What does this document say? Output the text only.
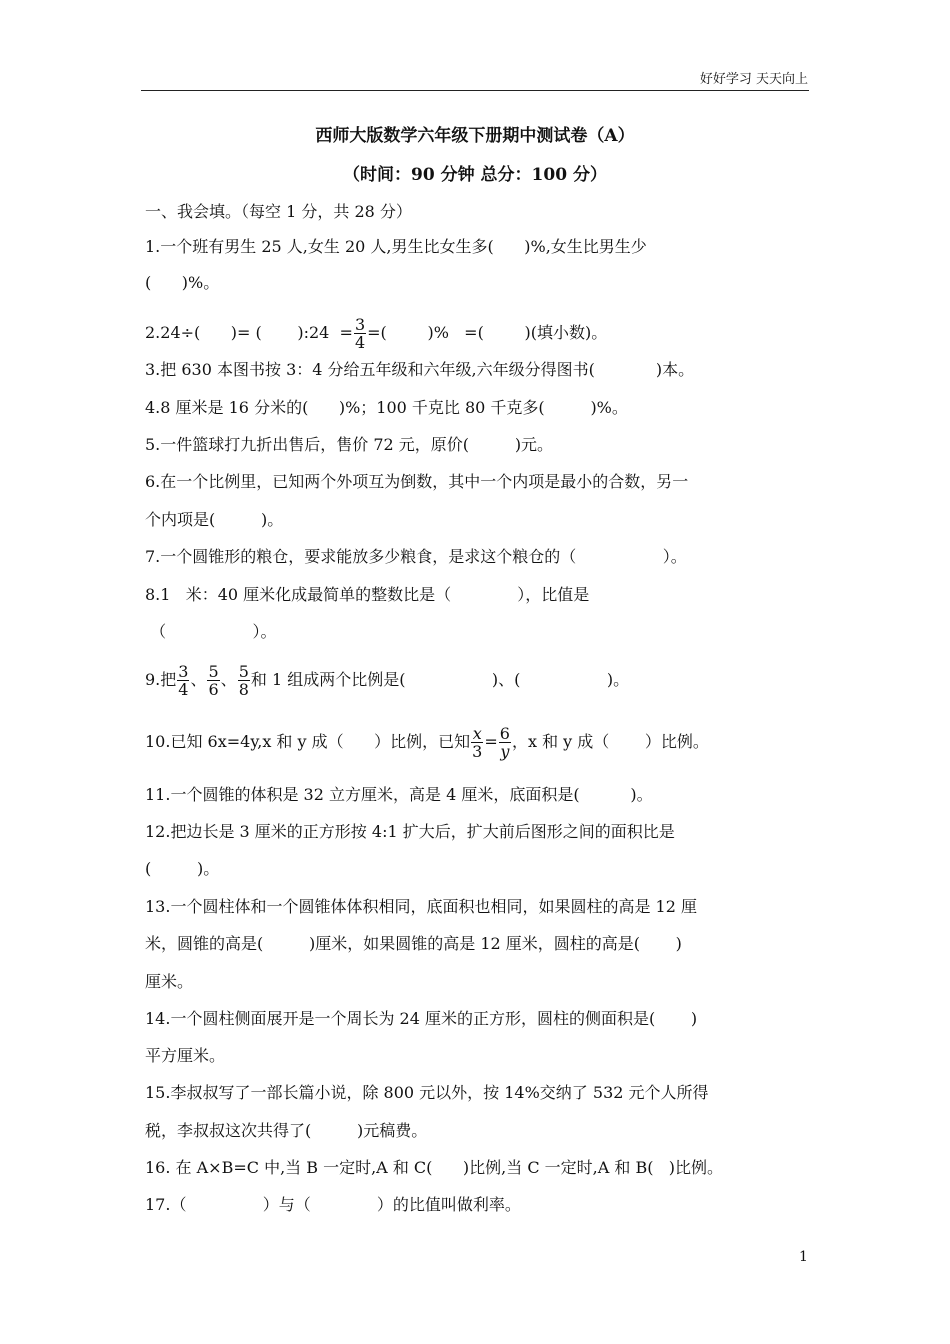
好好学习 天天向上
西师大版数学六年级下册期中测试卷（A）
（时间：90 分钟 总分：100 分）
一、我会填。（每空 1 分，共 28 分）
1.一个班有男生 25 人,女生 20 人,男生比女生多(      )%,女生比男生少
(      )%。
2.24÷(      )= (       ):24  = $\frac{3}{4}$ =(        )%   =(        )(填小数)。
3.把 630 本图书按 3：4 分给五年级和六年级,六年级分得图书(            )本。
4.8 厘米是 16 分米的(      )%；100 千克比 80 千克多(         )%。
5.一件篮球打九折出售后，售价 72 元，原价(         )元。
6.在一个比例里，已知两个外项互为倒数，其中一个内项是最小的合数，另一
个内项是(         )。
7.一个圆锥形的粮仓，要求能放多少粮食，是求这个粮仓的（                 ）。
8.1   米：40 厘米化成最简单的整数比是（             ），比值是
（                 ）。
9.把 $\frac{3}{4}$ 、 $\frac{5}{6}$ 、 $\frac{5}{8}$ 和 1 组成两个比例是(                 )、(                 )。
10.已知 6x=4y,x 和 y 成（      ）比例，已知 $\frac{x}{3} = \frac{6}{y}$ ，x 和 y 成（       ）比例。
11.一个圆锥的体积是 32 立方厘米，高是 4 厘米，底面积是(          )。
12.把边长是 3 厘米的正方形按 4:1 扩大后，扩大前后图形之间的面积比是
(         )。
13.一个圆柱体和一个圆锥体体积相同，底面积也相同，如果圆柱的高是 12 厘
米，圆锥的高是(         )厘米，如果圆锥的高是 12 厘米，圆柱的高是(       )
厘米。
14.一个圆柱侧面展开是一个周长为 24 厘米的正方形，圆柱的侧面积是(       )
平方厘米。
15.李叔叔写了一部长篇小说，除 800 元以外，按 14%交纳了 532 元个人所得
税，李叔叔这次共得了(         )元稿费。
16. 在 A×B=C 中,当 B 一定时,A 和 C(      )比例,当 C 一定时,A 和 B(   )比例。
17.（               ）与（             ）的比值叫做利率。
1
